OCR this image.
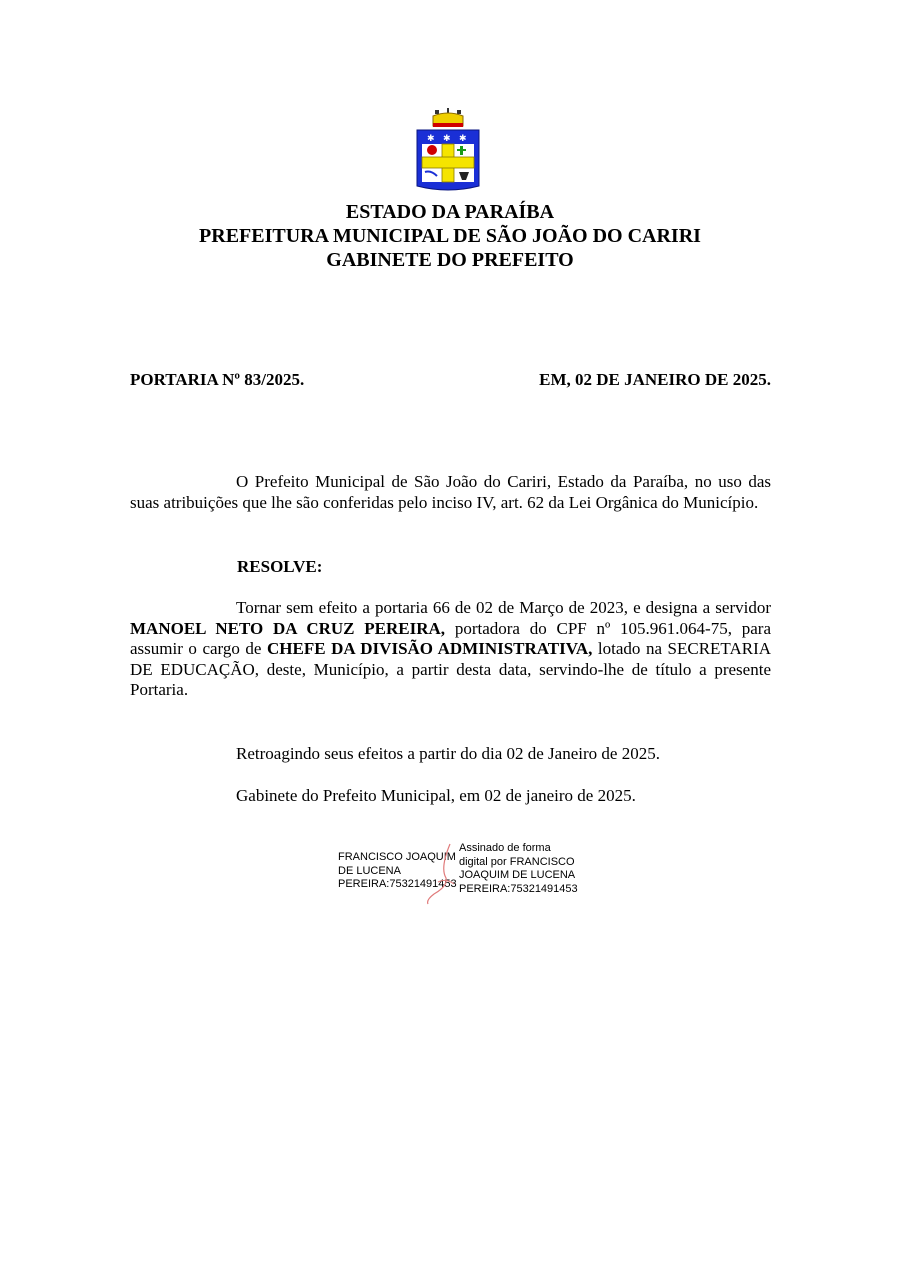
✱ ✱ ✱
ESTADO DA PARAÍBA
PREFEITURA MUNICIPAL DE SÃO JOÃO DO CARIRI
GABINETE DO PREFEITO
PORTARIA Nº 83/2025.	EM, 02 DE JANEIRO DE 2025.

O Prefeito Municipal de São João do Cariri, Estado da Paraíba, no uso das suas atribuições que lhe são conferidas pelo inciso IV, art. 62 da Lei Orgânica do Município.

RESOLVE:

Tornar sem efeito a portaria 66 de 02 de Março de 2023, e designa a servidor MANOEL NETO DA CRUZ PEREIRA, portadora do CPF nº 105.961.064-75, para assumir o cargo de CHEFE DA DIVISÃO ADMINISTRATIVA, lotado na SECRETARIA DE EDUCAÇÃO, deste, Município, a partir desta data, servindo-lhe de título a presente Portaria.

Retroagindo seus efeitos a partir do dia 02 de Janeiro de 2025.
Gabinete do Prefeito Municipal, em 02 de janeiro de 2025.
FRANCISCO JOAQUIM
DE LUCENA
PEREIRA:75321491453
Assinado de forma
digital por FRANCISCO
JOAQUIM DE LUCENA
PEREIRA:75321491453
